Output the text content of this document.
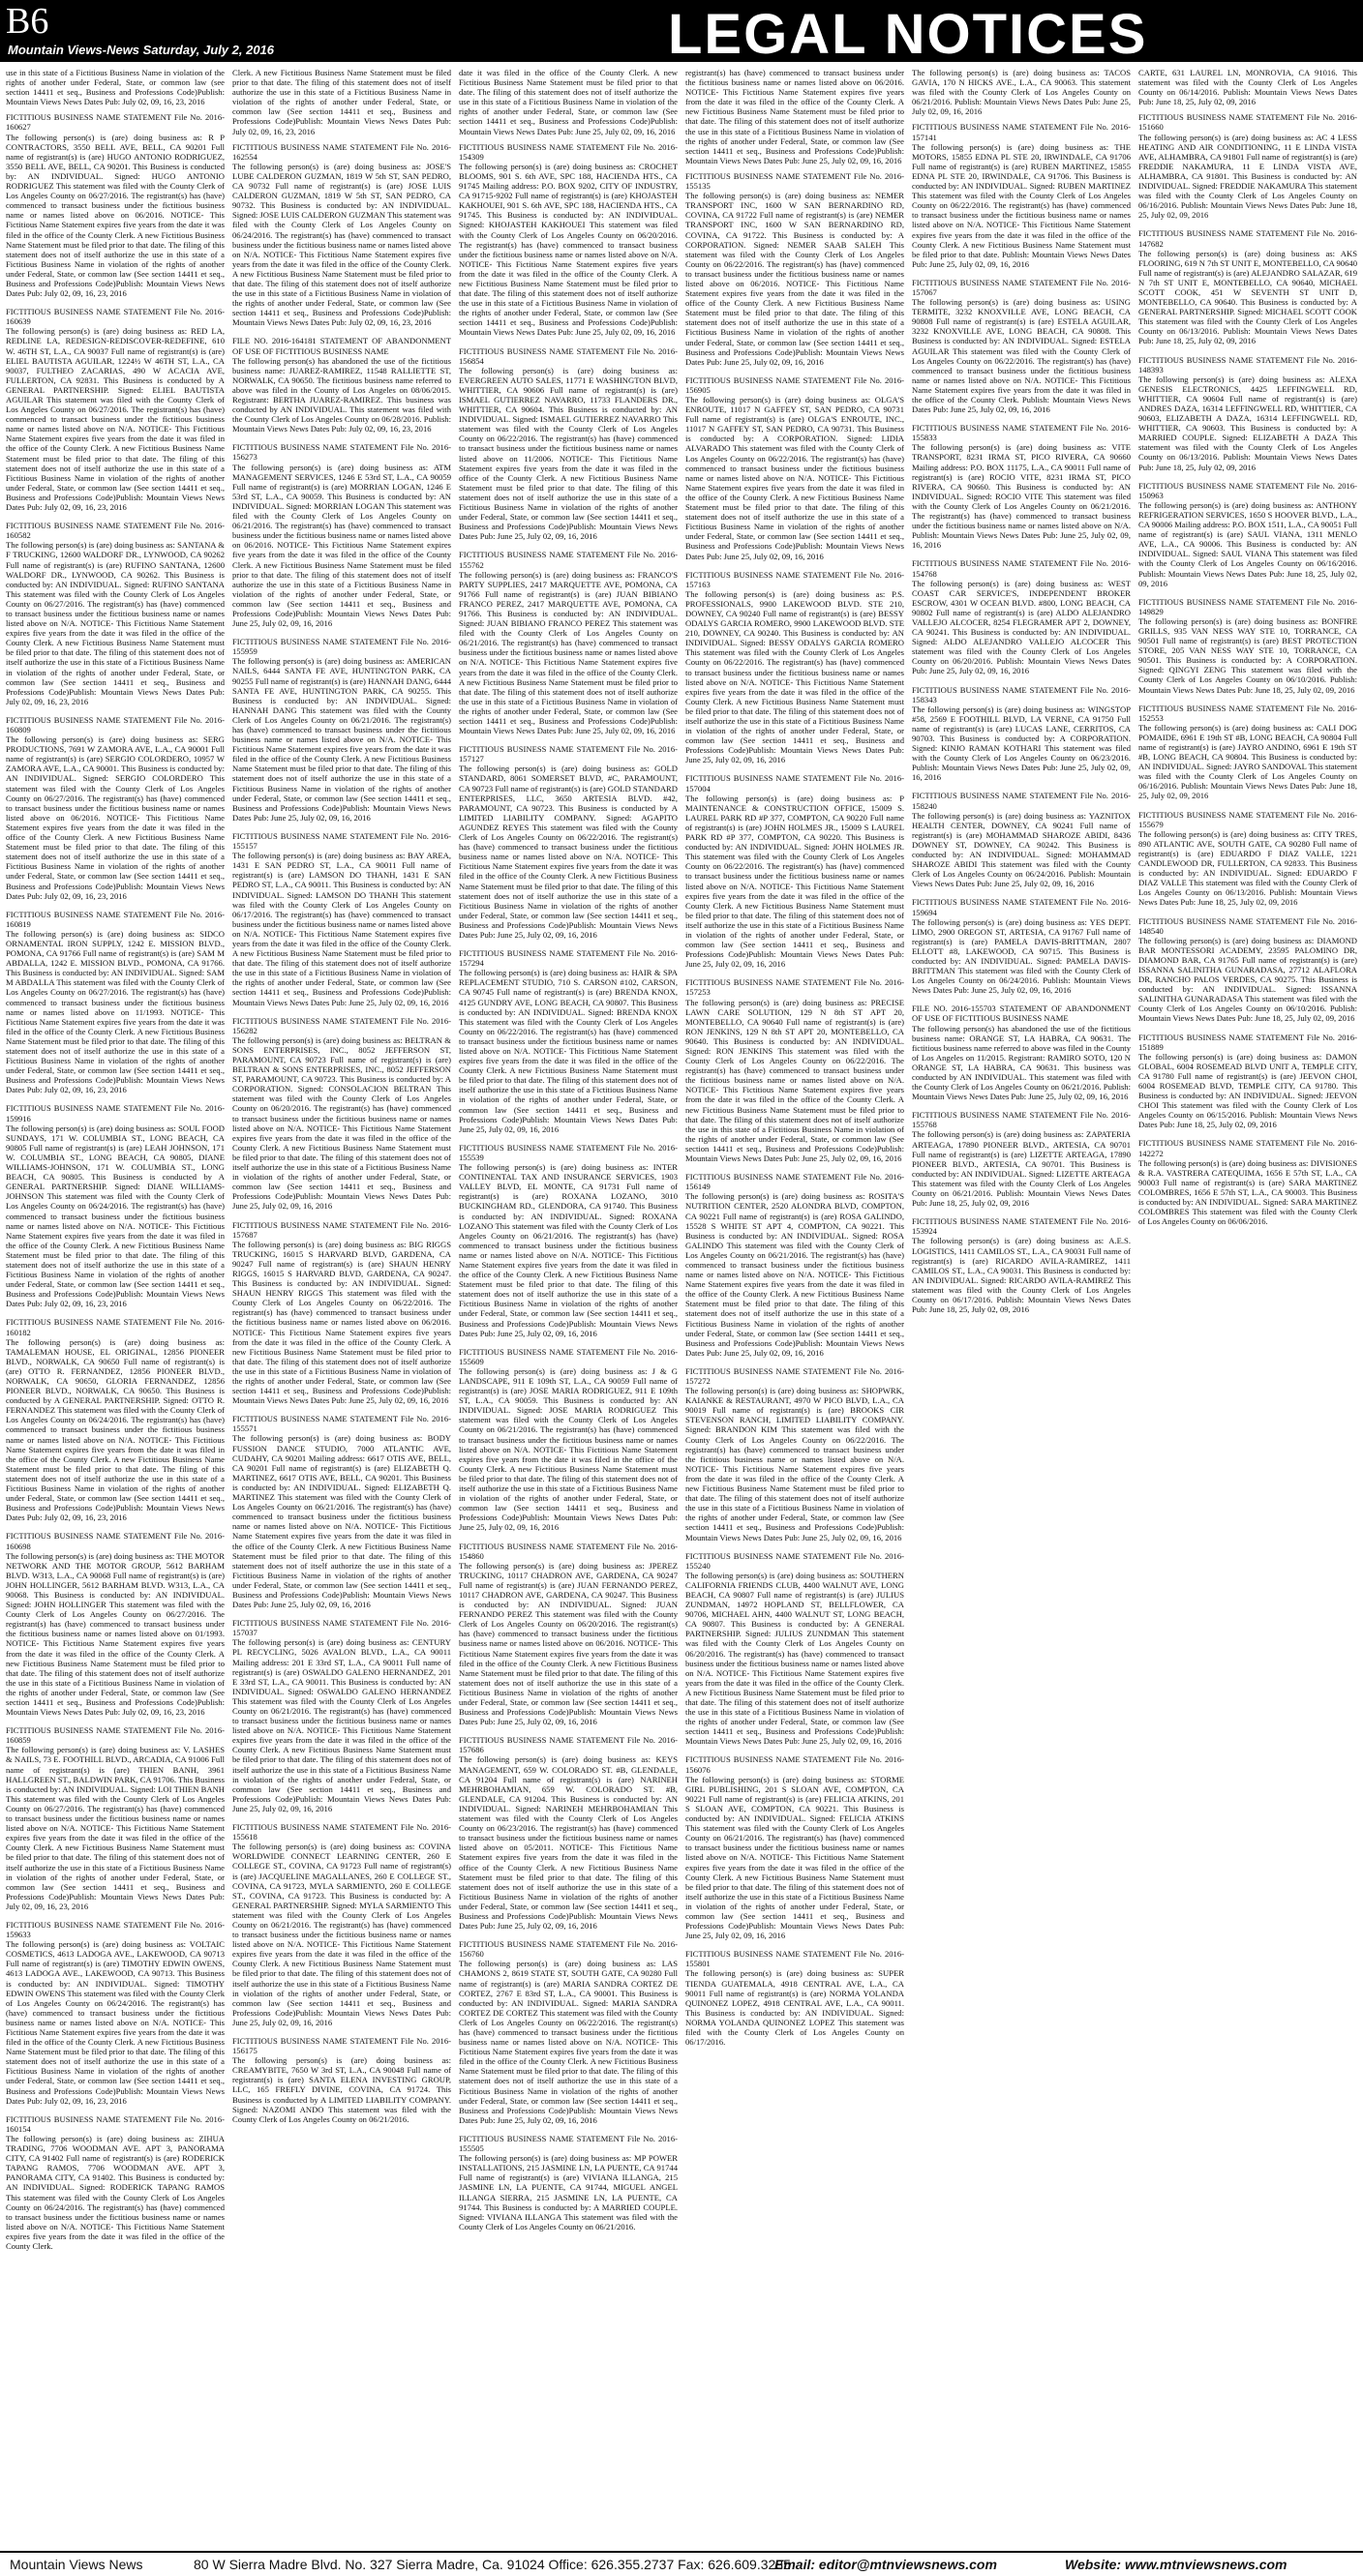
B6
Mountain Views-News Saturday, July 2, 2016	LEGAL NOTICES
use in this state of a Fictitious Business Name in violation of the rights of another under Federal, State, or common law (see section 14411 et seq., Business and Professions Code)Publish: Mountain Views News Dates Pub: July 02, 09, 16, 23, 2016
FICTITIOUS BUSINESS NAME STATEMENT File No. 2016-160627
The following person(s) is (are) doing business as: R P CONTRACTORS, 3550 BELL AVE, BELL, CA 90201 Full name of registrant(s) is (are) HUGO ANTONIO RODRIGUEZ, 3550 BELL AVE, BELL, CA 90201. This Business is conducted by: AN INDIVIDUAL. Signed: HUGO ANTONIO RODRIGUEZ This statement was filed with the County Clerk of Los Angeles County on 06/27/2016. The registrant(s) has (have) commenced to transact business under the fictitious business name or names listed above on 06/2016. NOTICE- This Fictitious Name Statement expires five years from the date it was filed in the office of the County Clerk. A new Fictitious Business Name Statement must be filed prior to that date. The filing of this statement does not of itself authorize the use in this state of a Fictitious Business Name in violation of the rights of another under Federal, State, or common law (See section 14411 et seq., Business and Professions Code)Publish: Mountain Views News Dates Pub: July 02, 09, 16, 23, 2016
FICTITIOUS BUSINESS NAME STATEMENT File No. 2016-160639
The following person(s) is (are) doing business as: RED LA, REDLINE LA, REDESIGN-REDISCOVER-REDEFINE, 610 W. 46TH ST, L.A., CA 90037 Full name of registrant(s) is (are) ELIEL BAUTISTA AGUILAR, 1224½ W 46TH ST, L.A., CA 90037, FULTHEO ZACARIAS, 490 W ACACIA AVE, FULLERTON, CA 92831. This Business is conducted by A GENERAL PARTNERSHIP. Signed: ELIEL BAUTISTA AGUILAR This statement was filed with the County Clerk of Los Angeles County on 06/27/2016. The registrant(s) has (have) commenced to transact business under the fictitious business name or names listed above on N/A. NOTICE- This Fictitious Name Statement expires five years from the date it was filed in the office of the County Clerk. A new Fictitious Business Name Statement must be filed prior to that date. The filing of this statement does not of itself authorize the use in this state of a Fictitious Business Name in violation of the rights of another under Federal, State, or common law (See section 14411 et seq., Business and Professions Code)Publish: Mountain Views News Dates Pub: July 02, 09, 16, 23, 2016
FICTITIOUS BUSINESS NAME STATEMENT File No. 2016-160582
The following person(s) is (are) doing business as: SANTANA & F TRUCKING, 12600 WALDORF DR., LYNWOOD, CA 90262 Full name of registrant(s) is (are) RUFINO SANTANA, 12600 WALDORF DR., LYNWOOD, CA 90262. This Business is conducted by: AN INDIVIDUAL. Signed: RUFINO SANTANA This statement was filed with the County Clerk of Los Angeles County on 06/27/2016. The registrant(s) has (have) commenced to transact business under the fictitious business name or names listed above on N/A. NOTICE- This Fictitious Name Statement expires five years from the date it was filed in the office of the County Clerk. A new Fictitious Business Name Statement must be filed prior to that date. The filing of this statement does not of itself authorize the use in this state of a Fictitious Business Name in violation of the rights of another under Federal, State, or common law (See section 14411 et seq., Business and Professions Code)Publish: Mountain Views News Dates Pub: July 02, 09, 16, 23, 2016
FICTITIOUS BUSINESS NAME STATEMENT File No. 2016-160809
The following person(s) is (are) doing business as: SERG PRODUCTIONS, 7691 W ZAMORA AVE, L.A., CA 90001 Full name of registrant(s) is (are) SERGIO COLORDERO, 10957 W ZAMORA AVE, L.A., CA 90001. This Business is conducted by: AN INDIVIDUAL. Signed: SERGIO COLORDERO This statement was filed with the County Clerk of Los Angeles County on 06/27/2016. The registrant(s) has (have) commenced to transact business under the fictitious business name or names listed above on 06/2016. NOTICE- This Fictitious Name Statement expires five years from the date it was filed in the office of the County Clerk. A new Fictitious Business Name Statement must be filed prior to that date. The filing of this statement does not of itself authorize the use in this state of a Fictitious Business Name in violation of the rights of another under Federal, State, or common law (See section 14411 et seq., Business and Professions Code)Publish: Mountain Views News Dates Pub: July 02, 09, 16, 23, 2016
FICTITIOUS BUSINESS NAME STATEMENT File No. 2016-160819
The following person(s) is (are) doing business as: SIDCO ORNAMENTAL IRON SUPPLY, 1242 E. MISSION BLVD., POMONA, CA 91766 Full name of registrant(s) is (are) SAM M ABDALLA, 1242 E. MISSION BLVD., POMONA, CA 91766. This Business is conducted by: AN INDIVIDUAL. Signed: SAM M ABDALLA This statement was filed with the County Clerk of Los Angeles County on 06/27/2016. The registrant(s) has (have) commenced to transact business under the fictitious business name or names listed above on 11/1993. NOTICE- This Fictitious Name Statement expires five years from the date it was filed in the office of the County Clerk. A new Fictitious Business Name Statement must be filed prior to that date. The filing of this statement does not of itself authorize the use in this state of a Fictitious Business Name in violation of the rights of another under Federal, State, or common law (See section 14411 et seq., Business and Professions Code)Publish: Mountain Views News Dates Pub: July 02, 09, 16, 23, 2016
FICTITIOUS BUSINESS NAME STATEMENT File No. 2016-159916
The following person(s) is (are) doing business as: SOUL FOOD SUNDAYS, 171 W. COLUMBIA ST., LONG BEACH, CA 90805 Full name of registrant(s) is (are) LEAH JOHNSON, 171 W. COLUMBIA ST., LONG BEACH, CA 90805, DIANE WILLIAMS-JOHNSON, 171 W. COLUMBIA ST., LONG BEACH, CA 90805. This Business is conducted by A GENERAL PARTNERSHIP. Signed: DIANE WILLIAMS-JOHNSON This statement was filed with the County Clerk of Los Angeles County on 06/24/2016. The registrant(s) has (have) commenced to transact business under the fictitious business name or names listed above on N/A. NOTICE- This Fictitious Name Statement expires five years from the date it was filed in the office of the County Clerk. A new Fictitious Business Name Statement must be filed prior to that date. The filing of this statement does not of itself authorize the use in this state of a Fictitious Business Name in violation of the rights of another under Federal, State, or common law (See section 14411 et seq., Business and Professions Code)Publish: Mountain Views News Dates Pub: July 02, 09, 16, 23, 2016
FICTITIOUS BUSINESS NAME STATEMENT File No. 2016-160182
The following person(s) is (are) doing business as: TAMALEMAN HOUSE, EL ORIGINAL, 12856 PIONEER BLVD., NORWALK, CA 90650 Full name of registrant(s) is (are) OTTO R. FERNANDEZ, 12856 PIONEER BLVD., NORWALK, CA 90650, GLORIA FERNANDEZ, 12856 PIONEER BLVD., NORWALK, CA 90650. This Business is conducted by A GENERAL PARTNERSHIP. Signed: OTTO R. FERNANDEZ This statement was filed with the County Clerk of Los Angeles County on 06/24/2016. The registrant(s) has (have) commenced to transact business under the fictitious business name or names listed above on N/A. NOTICE- This Fictitious Name Statement expires five years from the date it was filed in the office of the County Clerk. A new Fictitious Business Name Statement must be filed prior to that date. The filing of this statement does not of itself authorize the use in this state of a Fictitious Business Name in violation of the rights of another under Federal, State, or common law (See section 14411 et seq., Business and Professions Code)Publish: Mountain Views News Dates Pub: July 02, 09, 16, 23, 2016
FICTITIOUS BUSINESS NAME STATEMENT File No. 2016-160698
The following person(s) is (are) doing business as: THE MOTOR NETWORK AND THE MOTOR GROUP, 5612 BARHAM BLVD. W313, L.A., CA 90068 Full name of registrant(s) is (are) JOHN HOLLINGER, 5612 BARHAM BLVD. W313, L.A., CA 90068. This Business is conducted by: AN INDIVIDUAL. Signed: JOHN HOLLINGER This statement was filed with the County Clerk of Los Angeles County on 06/27/2016. The registrant(s) has (have) commenced to transact business under the fictitious business name or names listed above on 01/1993. NOTICE- This Fictitious Name Statement expires five years from the date it was filed in the office of the County Clerk. A new Fictitious Business Name Statement must be filed prior to that date. The filing of this statement does not of itself authorize the use in this state of a Fictitious Business Name in violation of the rights of another under Federal, State, or common law (See section 14411 et seq., Business and Professions Code)Publish: Mountain Views News Dates Pub: July 02, 09, 16, 23, 2016
FICTITIOUS BUSINESS NAME STATEMENT File No. 2016-160859
The following person(s) is (are) doing business as: V. LASHES & NAILS, 73 E. FOOTHILL BLVD., ARCADIA, CA 91006 Full name of registrant(s) is (are) THIEN BANH, 3961 HALLGREEN ST., BALDWIN PARK, CA 91706. This Business is conducted by: AN INDIVIDUAL. Signed: LOI THIEN BANH This statement was filed with the County Clerk of Los Angeles County on 06/27/2016. The registrant(s) has (have) commenced to transact business under the fictitious business name or names listed above on N/A. NOTICE- This Fictitious Name Statement expires five years from the date it was filed in the office of the County Clerk. A new Fictitious Business Name Statement must be filed prior to that date. The filing of this statement does not of itself authorize the use in this state of a Fictitious Business Name in violation of the rights of another under Federal, State, or common law (See section 14411 et seq., Business and Professions Code)Publish: Mountain Views News Dates Pub: July 02, 09, 16, 23, 2016
FICTITIOUS BUSINESS NAME STATEMENT File No. 2016-159633
The following person(s) is (are) doing business as: VOLTAIC COSMETICS, 4613 LADOGA AVE., LAKEWOOD, CA 90713 Full name of registrant(s) is (are) TIMOTHY EDWIN OWENS, 4613 LADOGA AVE., LAKEWOOD, CA 90713. This Business is conducted by: AN INDIVIDUAL. Signed: TIMOTHY EDWIN OWENS This statement was filed with the County Clerk of Los Angeles County on 06/24/2016. The registrant(s) has (have) commenced to transact business under the fictitious business name or names listed above on N/A. NOTICE- This Fictitious Name Statement expires five years from the date it was filed in the office of the County Clerk. A new Fictitious Business Name Statement must be filed prior to that date. The filing of this statement does not of itself authorize the use in this state of a Fictitious Business Name in violation of the rights of another under Federal, State, or common law (See section 14411 et seq., Business and Professions Code)Publish: Mountain Views News Dates Pub: July 02, 09, 16, 23, 2016
FICTITIOUS BUSINESS NAME STATEMENT File No. 2016-160154
The following person(s) is (are) doing business as: ZIHUA TRADING, 7706 WOODMAN AVE. APT 3, PANORAMA CITY, CA 91402 Full name of registrant(s) is (are) RODERICK TAPANG RAMOS, 7706 WOODMAN AVE. APT 3, PANORAMA CITY, CA 91402. This Business is conducted by: AN INDIVIDUAL. Signed: RODERICK TAPANG RAMOS This statement was filed with the County Clerk of Los Angeles County on 06/24/2016. The registrant(s) has (have) commenced to transact business under the fictitious business name or names listed above on N/A. NOTICE- This Fictitious Name Statement expires five years from the date it was filed in the office of the County Clerk.
Clerk. A new Fictitious Business Name Statement must be filed prior to that date. The filing of this statement does not of itself authorize the use in this state of a Fictitious Business Name in violation of the rights of another under Federal, State, or common law (See section 14411 et seq., Business and Professions Code)Publish: Mountain Views News Dates Pub: July 02, 09, 16, 23, 2016
FICTITIOUS BUSINESS NAME STATEMENT File No. 2016-162554
The following person(s) is (are) doing business as: JOSE'S LUBE CALDERON GUZMAN, 1819 W 5th ST, SAN PEDRO, CA 90732 Full name of registrant(s) is (are) JOSE LUIS CALDERON GUZMAN, 1819 W 5th ST, SAN PEDRO, CA 90732. This Business is conducted by: AN INDIVIDUAL. Signed: JOSE LUIS CALDERON GUZMAN This statement was filed with the County Clerk of Los Angeles County on 06/24/2016. The registrant(s) has (have) commenced to transact business under the fictitious business name or names listed above on N/A. NOTICE- This Fictitious Name Statement expires five years from the date it was filed in the office of the County Clerk. A new Fictitious Business Name Statement must be filed prior to that date. The filing of this statement does not of itself authorize the use in this state of a Fictitious Business Name in violation of the rights of another under Federal, State, or common law (See section 14411 et seq., Business and Professions Code)Publish: Mountain Views News Dates Pub: July 02, 09, 16, 23, 2016
FILE NO. 2016-164181 STATEMENT OF ABANDONMENT OF USE OF FICTITIOUS BUSINESS NAME
The following person(s) has abandoned the use of the fictitious business name: JUAREZ-RAMIREZ, 11548 RALLIETTE ST, NORWALK, CA 90650. The fictitious business name referred to above was filed in the County of Los Angeles on 08/06/2015. Registrant: BERTHA JUAREZ-RAMIREZ. This business was conducted by AN INDIVIDUAL. This statement was filed with the County Clerk of Los Angeles County on 06/28/2016. Publish: Mountain Views News Dates Pub: July 02, 09, 16, 23, 2016
FICTITIOUS BUSINESS NAME STATEMENT File No. 2016-156273
The following person(s) is (are) doing business as: ATM MANAGEMENT SERVICES, 1246 E 53rd ST, L.A., CA 90059 Full name of registrant(s) is (are) MORRIAN LOGAN, 1246 E 53rd ST, L.A., CA 90059. This Business is conducted by: AN INDIVIDUAL. Signed: MORRIAN LOGAN This statement was filed with the County Clerk of Los Angeles County on 06/21/2016. The registrant(s) has (have) commenced to transact business under the fictitious business name or names listed above on 06/2016. NOTICE- This Fictitious Name Statement expires five years from the date it was filed in the office of the County Clerk. A new Fictitious Business Name Statement must be filed prior to that date. The filing of this statement does not of itself authorize the use in this state of a Fictitious Business Name in violation of the rights of another under Federal, State, or common law (See section 14411 et seq., Business and Professions Code)Publish: Mountain Views News Dates Pub: June 25, July 02, 09, 16, 2016
FICTITIOUS BUSINESS NAME STATEMENT File No. 2016-155959
The following person(s) is (are) doing business as: AMERICAN NAILS, 6444 SANTA FE AVE, HUNTINGTON PARK, CA 90255 Full name of registrant(s) is (are) HANNAH DANG, 6444 SANTA FE AVE, HUNTINGTON PARK, CA 90255. This Business is conducted by: AN INDIVIDUAL. Signed: HANNAH DANG This statement was filed with the County Clerk of Los Angeles County on 06/21/2016. The registrant(s) has (have) commenced to transact business under the fictitious business name or names listed above on N/A. NOTICE- This Fictitious Name Statement expires five years from the date it was filed in the office of the County Clerk. A new Fictitious Business Name Statement must be filed prior to that date. The filing of this statement does not of itself authorize the use in this state of a Fictitious Business Name in violation of the rights of another under Federal, State, or common law (See section 14411 et seq., Business and Professions Code)Publish: Mountain Views News Dates Pub: June 25, July 02, 09, 16, 2016
FICTITIOUS BUSINESS NAME STATEMENT File No. 2016-155157
The following person(s) is (are) doing business as: BAY AREA, 1431 E SAN PEDRO ST, L.A., CA 90011 Full name of registrant(s) is (are) LAMSON DO THANH, 1431 E SAN PEDRO ST, L.A., CA 90011. This Business is conducted by: AN INDIVIDUAL. Signed: LAMSON DO THANH This statement was filed with the County Clerk of Los Angeles County on 06/17/2016. The registrant(s) has (have) commenced to transact business under the fictitious business name or names listed above on N/A. NOTICE- This Fictitious Name Statement expires five years from the date it was filed in the office of the County Clerk. A new Fictitious Business Name Statement must be filed prior to that date. The filing of this statement does not of itself authorize the use in this state of a Fictitious Business Name in violation of the rights of another under Federal, State, or common law (See section 14411 et seq., Business and Professions Code)Publish: Mountain Views News Dates Pub: June 25, July 02, 09, 16, 2016
FICTITIOUS BUSINESS NAME STATEMENT File No. 2016-156282
The following person(s) is (are) doing business as: BELTRAN & SONS ENTERPRISES, INC., 8052 JEFFERSON ST, PARAMOUNT, CA 90723 Full name of registrant(s) is (are) BELTRAN & SONS ENTERPRISES, INC., 8052 JEFFERSON ST, PARAMOUNT, CA 90723. This Business is conducted by: A CORPORATION. Signed: CONSOLACION BELTRAN This statement was filed with the County Clerk of Los Angeles County on 06/20/2016. The registrant(s) has (have) commenced to transact business under the fictitious business name or names listed above on N/A. NOTICE- This Fictitious Name Statement expires five years from the date it was filed in the office of the County Clerk. A new Fictitious Business Name Statement must be filed prior to that date. The filing of this statement does not of itself authorize the use in this state of a Fictitious Business Name in violation of the rights of another under Federal, State, or common law (See section 14411 et seq., Business and Professions Code)Publish: Mountain Views News Dates Pub: June 25, July 02, 09, 16, 2016
FICTITIOUS BUSINESS NAME STATEMENT File No. 2016-157687
The following person(s) is (are) doing business as: BIG RIGGS TRUCKING, 16015 S HARVARD BLVD, GARDENA, CA 90247 Full name of registrant(s) is (are) SHAUN HENRY RIGGS, 16015 S HARVARD BLVD, GARDENA, CA 90247. This Business is conducted by: AN INDIVIDUAL. Signed: SHAUN HENRY RIGGS This statement was filed with the County Clerk of Los Angeles County on 06/22/2016. The registrant(s) has (have) commenced to transact business under the fictitious business name or names listed above on 06/2016. NOTICE- This Fictitious Name Statement expires five years from the date it was filed in the office of the County Clerk. A new Fictitious Business Name Statement must be filed prior to that date. The filing of this statement does not of itself authorize the use in this state of a Fictitious Business Name in violation of the rights of another under Federal, State, or common law (See section 14411 et seq., Business and Professions Code)Publish: Mountain Views News Dates Pub: June 25, July 02, 09, 16, 2016
FICTITIOUS BUSINESS NAME STATEMENT File No. 2016-155571
The following person(s) is (are) doing business as: BODY FUSSION DANCE STUDIO, 7000 ATLANTIC AVE, CUDAHY, CA 90201 Mailing address: 6617 OTIS AVE, BELL, CA 90201 Full name of registrant(s) is (are) ELIZABETH Q. MARTINEZ, 6617 OTIS AVE, BELL, CA 90201. This Business is conducted by: AN INDIVIDUAL. Signed: ELIZABETH Q. MARTINEZ This statement was filed with the County Clerk of Los Angeles County on 06/21/2016. The registrant(s) has (have) commenced to transact business under the fictitious business name or names listed above on N/A. NOTICE- This Fictitious Name Statement expires five years from the date it was filed in the office of the County Clerk. A new Fictitious Business Name Statement must be filed prior to that date. The filing of this statement does not of itself authorize the use in this state of a Fictitious Business Name in violation of the rights of another under Federal, State, or common law (See section 14411 et seq., Business and Professions Code)Publish: Mountain Views News Dates Pub: June 25, July 02, 09, 16, 2016
FICTITIOUS BUSINESS NAME STATEMENT File No. 2016-157037
The following person(s) is (are) doing business as: CENTURY PL RECYCLING, 5026 AVALON BLVD., L.A., CA 90011 Mailing address: 201 E 33rd ST, L.A., CA 90011 Full name of registrant(s) is (are) OSWALDO GALENO HERNANDEZ, 201 E 33rd ST, L.A., CA 90011. This Business is conducted by: AN INDIVIDUAL. Signed: OSWALDO GALENO HERNANDEZ This statement was filed with the County Clerk of Los Angeles County on 06/21/2016. The registrant(s) has (have) commenced to transact business under the fictitious business name or names listed above on N/A. NOTICE- This Fictitious Name Statement expires five years from the date it was filed in the office of the County Clerk. A new Fictitious Business Name Statement must be filed prior to that date. The filing of this statement does not of itself authorize the use in this state of a Fictitious Business Name in violation of the rights of another under Federal, State, or common law (See section 14411 et seq., Business and Professions Code)Publish: Mountain Views News Dates Pub: June 25, July 02, 09, 16, 2016
FICTITIOUS BUSINESS NAME STATEMENT File No. 2016-155618
The following person(s) is (are) doing business as: COVINA WORLDWIDE CONNECT LEARNING CENTER, 260 E COLLEGE ST., COVINA, CA 91723 Full name of registrant(s) is (are) JACQUELINE MAGALLANES, 260 E COLLEGE ST., COVINA, CA 91723, MYLA SARMIENTO, 260 E COLLEGE ST., COVINA, CA 91723. This Business is conducted by: A GENERAL PARTNERSHIP. Signed: MYLA SARMIENTO This statement was filed with the County Clerk of Los Angeles County on 06/21/2016. The registrant(s) has (have) commenced to transact business under the fictitious business name or names listed above on N/A. NOTICE- This Fictitious Name Statement expires five years from the date it was filed in the office of the County Clerk. A new Fictitious Business Name Statement must be filed prior to that date. The filing of this statement does not of itself authorize the use in this state of a Fictitious Business Name in violation of the rights of another under Federal, State, or common law (See section 14411 et seq., Business and Professions Code)Publish: Mountain Views News Dates Pub: June 25, July 02, 09, 16, 2016
FICTITIOUS BUSINESS NAME STATEMENT File No. 2016-156175
The following person(s) is (are) doing business as: CREAMYBITE, 7650 W 3rd ST, L.A., CA 90048 Full name of registrant(s) is (are) SANTA ELENA INVESTING GROUP, LLC, 165 FREFLY DIVINE, COVINA, CA 91724. This Business is conducted by A LIMITED LIABILITY COMPANY. Signed: NAZOMI ANDO This statement was filed with the County Clerk of Los Angeles County on 06/21/2016.
date it was filed in the office of the County Clerk. A new Fictitious Business Name Statement must be filed prior to that date. The filing of this statement does not of itself authorize the use in this state of a Fictitious Business Name in violation of the rights of another under Federal, State, or common law (See section 14411 et seq., Business and Professions Code)Publish: Mountain Views News Dates Pub: June 25, July 02, 09, 16, 2016
FICTITIOUS BUSINESS NAME STATEMENT File No. 2016-154309
The following person(s) is (are) doing business as: CROCHET BLOOMS, 901 S. 6th AVE, SPC 188, HACIENDA HTS., CA 91745 Mailing address: P.O. BOX 9202, CITY OF INDUSTRY, CA 91715-9202 Full name of registrant(s) is (are) KHOJASTEH KAKHOUEI, 901 S. 6th AVE, SPC 188, HACIENDA HTS., CA 91745. This Business is conducted by: AN INDIVIDUAL. Signed: KHOJASTEH KAKHOUEI This statement was filed with the County Clerk of Los Angeles County on 06/20/2016. The registrant(s) has (have) commenced to transact business under the fictitious business name or names listed above on N/A. NOTICE- This Fictitious Name Statement expires five years from the date it was filed in the office of the County Clerk. A new Fictitious Business Name Statement must be filed prior to that date. The filing of this statement does not of itself authorize the use in this state of a Fictitious Business Name in violation of the rights of another under Federal, State, or common law (See section 14411 et seq., Business and Professions Code)Publish: Mountain Views News Dates Pub: June 25, July 02, 09, 16, 2016
FICTITIOUS BUSINESS NAME STATEMENT File No. 2016-156854
The following person(s) is (are) doing business as: EVERGREEN AUTO SALES, 11771 E WASHINGTON BLVD, WHITTIER, CA 90606 Full name of registrant(s) is (are) ISMAEL GUTIERREZ NAVARRO, 11733 FLANDERS DR., WHITTIER, CA 90604. This Business is conducted by: AN INDIVIDUAL. Signed: ISMAEL GUTIERREZ NAVARRO This statement was filed with the County Clerk of Los Angeles County on 06/22/2016. The registrant(s) has (have) commenced to transact business under the fictitious business name or names listed above on 11/2006. NOTICE- This Fictitious Name Statement expires five years from the date it was filed in the office of the County Clerk. A new Fictitious Business Name Statement must be filed prior to that date. The filing of this statement does not of itself authorize the use in this state of a Fictitious Business Name in violation of the rights of another under Federal, State, or common law (See section 14411 et seq., Business and Professions Code)Publish: Mountain Views News Dates Pub: June 25, July 02, 09, 16, 2016
FICTITIOUS BUSINESS NAME STATEMENT File No. 2016-155762
The following person(s) is (are) doing business as: FRANCO'S PARTY SUPPLIES, 2417 MARQUETTE AVE, POMONA, CA 91766 Full name of registrant(s) is (are) JUAN BIBIANO FRANCO PEREZ, 2417 MARQUETTE AVE, POMONA, CA 91766. This Business is conducted by: AN INDIVIDUAL. Signed: JUAN BIBIANO FRANCO PEREZ This statement was filed with the County Clerk of Los Angeles County on 06/21/2016. The registrant(s) has (have) commenced to transact business under the fictitious business name or names listed above on N/A. NOTICE- This Fictitious Name Statement expires five years from the date it was filed in the office of the County Clerk. A new Fictitious Business Name Statement must be filed prior to that date. The filing of this statement does not of itself authorize the use in this state of a Fictitious Business Name in violation of the rights of another under Federal, State, or common law (See section 14411 et seq., Business and Professions Code)Publish: Mountain Views News Dates Pub: June 25, July 02, 09, 16, 2016
FICTITIOUS BUSINESS NAME STATEMENT File No. 2016-157127
The following person(s) is (are) doing business as: GOLD STANDARD, 8061 SOMERSET BLVD, #C, PARAMOUNT, CA 90723 Full name of registrant(s) is (are) GOLD STANDARD ENTERPRISES, LLC, 3650 ARTESIA BLVD. #42, PARAMOUNT, CA 90723. This Business is conducted by A LIMITED LIABILITY COMPANY. Signed: AGAPITO AGUNDEZ REYES This statement was filed with the County Clerk of Los Angeles County on 06/22/2016. The registrant(s) has (have) commenced to transact business under the fictitious business name or names listed above on N/A. NOTICE- This Fictitious Name Statement expires five years from the date it was filed in the office of the County Clerk. A new Fictitious Business Name Statement must be filed prior to that date. The filing of this statement does not of itself authorize the use in this state of a Fictitious Business Name in violation of the rights of another under Federal, State, or common law (See section 14411 et seq., Business and Professions Code)Publish: Mountain Views News Dates Pub: June 25, July 02, 09, 16, 2016
FICTITIOUS BUSINESS NAME STATEMENT File No. 2016-157294
The following person(s) is (are) doing business as: HAIR & SPA REPLACEMENT STUDIO, 710 S. CARSON #102, CARSON, CA 90745 Full name of registrant(s) is (are) BRENDA KNOX, 4125 GUNDRY AVE, LONG BEACH, CA 90807. This Business is conducted by: AN INDIVIDUAL. Signed: BRENDA KNOX This statement was filed with the County Clerk of Los Angeles County on 06/22/2016. The registrant(s) has (have) commenced to transact business under the fictitious business name or names listed above on N/A. NOTICE- This Fictitious Name Statement expires five years from the date it was filed in the office of the County Clerk. A new Fictitious Business Name Statement must be filed prior to that date. The filing of this statement does not of itself authorize the use in this state of a Fictitious Business Name in violation of the rights of another under Federal, State, or common law (See section 14411 et seq., Business and Professions Code)Publish: Mountain Views News Dates Pub: June 25, July 02, 09, 16, 2016
FICTITIOUS BUSINESS NAME STATEMENT File No. 2016-155539
The following person(s) is (are) doing business as: INTER CONTINENTAL TAX AND INSURANCE SERVICES, 1903 VALLEY BLVD, EL MONTE, CA 91731 Full name of registrant(s) is (are) ROXANA LOZANO, 3010 BUCKINGHAM RD., GLENDORA, CA 91740. This Business is conducted by: AN INDIVIDUAL. Signed: ROXANA LOZANO This statement was filed with the County Clerk of Los Angeles County on 06/21/2016. The registrant(s) has (have) commenced to transact business under the fictitious business name or names listed above on N/A. NOTICE- This Fictitious Name Statement expires five years from the date it was filed in the office of the County Clerk. A new Fictitious Business Name Statement must be filed prior to that date. The filing of this statement does not of itself authorize the use in this state of a Fictitious Business Name in violation of the rights of another under Federal, State, or common law (See section 14411 et seq., Business and Professions Code)Publish: Mountain Views News Dates Pub: June 25, July 02, 09, 16, 2016
FICTITIOUS BUSINESS NAME STATEMENT File No. 2016-155609
The following person(s) is (are) doing business as: J & G LANDSCAPE, 911 E 109th ST, L.A., CA 90059 Full name of registrant(s) is (are) JOSE MARIA RODRIGUEZ, 911 E 109th ST, L.A., CA 90059. This Business is conducted by: AN INDIVIDUAL. Signed: JOSE MARIA RODRIGUEZ This statement was filed with the County Clerk of Los Angeles County on 06/21/2016. The registrant(s) has (have) commenced to transact business under the fictitious business name or names listed above on N/A. NOTICE- This Fictitious Name Statement expires five years from the date it was filed in the office of the County Clerk. A new Fictitious Business Name Statement must be filed prior to that date. The filing of this statement does not of itself authorize the use in this state of a Fictitious Business Name in violation of the rights of another under Federal, State, or common law (See section 14411 et seq., Business and Professions Code)Publish: Mountain Views News Dates Pub: June 25, July 02, 09, 16, 2016
FICTITIOUS BUSINESS NAME STATEMENT File No. 2016-154860
The following person(s) is (are) doing business as: JPEREZ TRUCKING, 10117 CHADRON AVE, GARDENA, CA 90247 Full name of registrant(s) is (are) JUAN FERNANDO PEREZ, 10117 CHADRON AVE, GARDENA, CA 90247. This Business is conducted by: AN INDIVIDUAL. Signed: JUAN FERNANDO PEREZ This statement was filed with the County Clerk of Los Angeles County on 06/20/2016. The registrant(s) has (have) commenced to transact business under the fictitious business name or names listed above on 06/2016. NOTICE- This Fictitious Name Statement expires five years from the date it was filed in the office of the County Clerk. A new Fictitious Business Name Statement must be filed prior to that date. The filing of this statement does not of itself authorize the use in this state of a Fictitious Business Name in violation of the rights of another under Federal, State, or common law (See section 14411 et seq., Business and Professions Code)Publish: Mountain Views News Dates Pub: June 25, July 02, 09, 16, 2016
FICTITIOUS BUSINESS NAME STATEMENT File No. 2016-157686
The following person(s) is (are) doing business as: KEYS MANAGEMENT, 659 W. COLORADO ST. #B, GLENDALE, CA 91204 Full name of registrant(s) is (are) NARINEH MEHRBOHAMIAN, 659 W. COLORADO ST. #B, GLENDALE, CA 91204. This Business is conducted by: AN INDIVIDUAL. Signed: NARINEH MEHRBOHAMIAN This statement was filed with the County Clerk of Los Angeles County on 06/23/2016. The registrant(s) has (have) commenced to transact business under the fictitious business name or names listed above on 05/2011. NOTICE- This Fictitious Name Statement expires five years from the date it was filed in the office of the County Clerk. A new Fictitious Business Name Statement must be filed prior to that date. The filing of this statement does not of itself authorize the use in this state of a Fictitious Business Name in violation of the rights of another under Federal, State, or common law (See section 14411 et seq., Business and Professions Code)Publish: Mountain Views News Dates Pub: June 25, July 02, 09, 16, 2016
FICTITIOUS BUSINESS NAME STATEMENT File No. 2016-156760
The following person(s) is (are) doing business as: LAS CHAMONS 2, 8619 STATE ST, SOUTH GATE, CA 90280 Full name of registrant(s) is (are) MARIA SANDRA CORTEZ DE CORTEZ, 2767 E 83rd ST, L.A., CA 90001. This Business is conducted by: AN INDIVIDUAL. Signed: MARIA SANDRA CORTEZ DE CORTEZ This statement was filed with the County Clerk of Los Angeles County on 06/22/2016. The registrant(s) has (have) commenced to transact business under the fictitious business name or names listed above on N/A. NOTICE- This Fictitious Name Statement expires five years from the date it was filed in the office of the County Clerk. A new Fictitious Business Name Statement must be filed prior to that date. The filing of this statement does not of itself authorize the use in this state of a Fictitious Business Name in violation of the rights of another under Federal, State, or common law (See section 14411 et seq., Business and Professions Code)Publish: Mountain Views News Dates Pub: June 25, July 02, 09, 16, 2016
FICTITIOUS BUSINESS NAME STATEMENT File No. 2016-155505
The following person(s) is (are) doing business as: MP POWER INSTALLATIONS, 215 JASMINE LN, LA PUENTE, CA 91744 Full name of registrant(s) is (are) VIVIANA ILLANGA, 215 JASMINE LN, LA PUENTE, CA 91744, MIGUEL ANGEL ILLANGA SIERRA, 215 JASMINE LN, LA PUENTE, CA 91744. This Business is conducted by: A MARRIED COUPLE. Signed: VIVIANA ILLANGA This statement was filed with the County Clerk of Los Angeles County on 06/21/2016.
registrant(s) has (have) commenced to transact business under the fictitious business name or names listed above on 06/2016. NOTICE- This Fictitious Name Statement expires five years from the date it was filed in the office of the County Clerk. A new Fictitious Business Name Statement must be filed prior to that date. The filing of this statement does not of itself authorize the use in this state of a Fictitious Business Name in violation of the rights of another under Federal, State, or common law (See section 14411 et seq., Business and Professions Code)Publish: Mountain Views News Dates Pub: June 25, July 02, 09, 16, 2016
FICTITIOUS BUSINESS NAME STATEMENT File No. 2016-155135
The following person(s) is (are) doing business as: NEMER TRANSPORT INC, 1600 W SAN BERNARDINO RD, COVINA, CA 91722 Full name of registrant(s) is (are) NEMER TRANSPORT INC, 1600 W SAN BERNARDINO RD, COVINA, CA 91722. This Business is conducted by: A CORPORATION. Signed: NEMER SAAB SALEH This statement was filed with the County Clerk of Los Angeles County on 06/22/2016. The registrant(s) has (have) commenced to transact business under the fictitious business name or names listed above on 06/2016. NOTICE- This Fictitious Name Statement expires five years from the date it was filed in the office of the County Clerk. A new Fictitious Business Name Statement must be filed prior to that date. The filing of this statement does not of itself authorize the use in this state of a Fictitious Business Name in violation of the rights of another under Federal, State, or common law (See section 14411 et seq., Business and Professions Code)Publish: Mountain Views News Dates Pub: June 25, July 02, 09, 16, 2016
FICTITIOUS BUSINESS NAME STATEMENT File No. 2016-156905
The following person(s) is (are) doing business as: OLGA'S ENROUTE, 11017 N GAFFEY ST, SAN PEDRO, CA 90731 Full name of registrant(s) is (are) OLGA'S ENROUTE, INC., 11017 N GAFFEY ST, SAN PEDRO, CA 90731. This Business is conducted by: A CORPORATION. Signed: LIDIA ALVARADO This statement was filed with the County Clerk of Los Angeles County on 06/22/2016. The registrant(s) has (have) commenced to transact business under the fictitious business name or names listed above on N/A. NOTICE- This Fictitious Name Statement expires five years from the date it was filed in the office of the County Clerk. A new Fictitious Business Name Statement must be filed prior to that date. The filing of this statement does not of itself authorize the use in this state of a Fictitious Business Name in violation of the rights of another under Federal, State, or common law (See section 14411 et seq., Business and Professions Code)Publish: Mountain Views News Dates Pub: June 25, July 02, 09, 16, 2016
FICTITIOUS BUSINESS NAME STATEMENT File No. 2016-157163
The following person(s) is (are) doing business as: P.S. PROFESSIONALS, 9900 LAKEWOOD BLVD. STE 210, DOWNEY, CA 90240 Full name of registrant(s) is (are) BESSY ODALYS GARCIA ROMERO, 9900 LAKEWOOD BLVD. STE 210, DOWNEY, CA 90240. This Business is conducted by: AN INDIVIDUAL. Signed: BESSY ODALYS GARCIA ROMERO This statement was filed with the County Clerk of Los Angeles County on 06/22/2016. The registrant(s) has (have) commenced to transact business under the fictitious business name or names listed above on N/A. NOTICE- This Fictitious Name Statement expires five years from the date it was filed in the office of the County Clerk. A new Fictitious Business Name Statement must be filed prior to that date. The filing of this statement does not of itself authorize the use in this state of a Fictitious Business Name in violation of the rights of another under Federal, State, or common law (See section 14411 et seq., Business and Professions Code)Publish: Mountain Views News Dates Pub: June 25, July 02, 09, 16, 2016
FICTITIOUS BUSINESS NAME STATEMENT File No. 2016-157004
The following person(s) is (are) doing business as: P MAINTENANCE & CONSTRUCTION OFFICE, 15009 S. LAUREL PARK RD #P 377, COMPTON, CA 90220 Full name of registrant(s) is (are) JOHN HOLMES JR., 15009 S LAUREL PARK RD #P 377, COMPTON, CA 90220. This Business is conducted by: AN INDIVIDUAL. Signed: JOHN HOLMES JR. This statement was filed with the County Clerk of Los Angeles County on 06/22/2016. The registrant(s) has (have) commenced to transact business under the fictitious business name or names listed above on N/A. NOTICE- This Fictitious Name Statement expires five years from the date it was filed in the office of the County Clerk. A new Fictitious Business Name Statement must be filed prior to that date. The filing of this statement does not of itself authorize the use in this state of a Fictitious Business Name in violation of the rights of another under Federal, State, or common law (See section 14411 et seq., Business and Professions Code)Publish: Mountain Views News Dates Pub: June 25, July 02, 09, 16, 2016
FICTITIOUS BUSINESS NAME STATEMENT File No. 2016-157253
The following person(s) is (are) doing business as: PRECISE LAWN CARE SOLUTION, 129 N 8th ST APT 20, MONTEBELLO, CA 90640 Full name of registrant(s) is (are) RON JENKINS, 129 N 8th ST APT 20, MONTEBELLO, CA 90640. This Business is conducted by: AN INDIVIDUAL. Signed: RON JENKINS This statement was filed with the County Clerk of Los Angeles County on 06/22/2016. The registrant(s) has (have) commenced to transact business under the fictitious business name or names listed above on N/A. NOTICE- This Fictitious Name Statement expires five years from the date it was filed in the office of the County Clerk. A new Fictitious Business Name Statement must be filed prior to that date. The filing of this statement does not of itself authorize the use in this state of a Fictitious Business Name in violation of the rights of another under Federal, State, or common law (See section 14411 et seq., Business and Professions Code)Publish: Mountain Views News Dates Pub: June 25, July 02, 09, 16, 2016
FICTITIOUS BUSINESS NAME STATEMENT File No. 2016-156149
The following person(s) is (are) doing business as: ROSITA'S NUTRITION CENTER, 2520 ALONDRA BLVD, COMPTON, CA 90221 Full name of registrant(s) is (are) ROSA GALINDO, 15528 S WHITE ST APT 4, COMPTON, CA 90221. This Business is conducted by: AN INDIVIDUAL. Signed: ROSA GALINDO This statement was filed with the County Clerk of Los Angeles County on 06/21/2016. The registrant(s) has (have) commenced to transact business under the fictitious business name or names listed above on N/A. NOTICE- This Fictitious Name Statement expires five years from the date it was filed in the office of the County Clerk. A new Fictitious Business Name Statement must be filed prior to that date. The filing of this statement does not of itself authorize the use in this state of a Fictitious Business Name in violation of the rights of another under Federal, State, or common law (See section 14411 et seq., Business and Professions Code)Publish: Mountain Views News Dates Pub: June 25, July 02, 09, 16, 2016
FICTITIOUS BUSINESS NAME STATEMENT File No. 2016-157272
The following person(s) is (are) doing business as: SHOPWRK, KAIANKE & RESTAURANT, 4970 W PICO BLVD, L.A., CA 90019 Full name of registrant(s) is (are) BROOKS CIR STEVENSON RANCH, LIMITED LIABILITY COMPANY. Signed: BRANDON KIM This statement was filed with the County Clerk of Los Angeles County on 06/22/2016. The registrant(s) has (have) commenced to transact business under the fictitious business name or names listed above on N/A. NOTICE- This Fictitious Name Statement expires five years from the date it was filed in the office of the County Clerk. A new Fictitious Business Name Statement must be filed prior to that date. The filing of this statement does not of itself authorize the use in this state of a Fictitious Business Name in violation of the rights of another under Federal, State, or common law (See section 14411 et seq., Business and Professions Code)Publish: Mountain Views News Dates Pub: June 25, July 02, 09, 16, 2016
FICTITIOUS BUSINESS NAME STATEMENT File No. 2016-155240
The following person(s) is (are) doing business as: SOUTHERN CALIFORNIA FRIENDS CLUB, 4400 WALNUT AVE, LONG BEACH, CA 90807 Full name of registrant(s) is (are) JULIUS ZUNDMAN, 14972 HOPLAND ST, BELLFLOWER, CA 90706, MICHAEL AHN, 4400 WALNUT ST, LONG BEACH, CA 90807. This Business is conducted by: A GENERAL PARTNERSHIP. Signed: JULIUS ZUNDMAN This statement was filed with the County Clerk of Los Angeles County on 06/20/2016. The registrant(s) has (have) commenced to transact business under the fictitious business name or names listed above on N/A. NOTICE- This Fictitious Name Statement expires five years from the date it was filed in the office of the County Clerk. A new Fictitious Business Name Statement must be filed prior to that date. The filing of this statement does not of itself authorize the use in this state of a Fictitious Business Name in violation of the rights of another under Federal, State, or common law (See section 14411 et seq., Business and Professions Code)Publish: Mountain Views News Dates Pub: June 25, July 02, 09, 16, 2016
FICTITIOUS BUSINESS NAME STATEMENT File No. 2016-156076
The following person(s) is (are) doing business as: STORME GIRL PUBLISHING, 201 S SLOAN AVE, COMPTON, CA 90221 Full name of registrant(s) is (are) FELICIA ATKINS, 201 S SLOAN AVE, COMPTON, CA 90221. This Business is conducted by: AN INDIVIDUAL. Signed: FELICIA ATKINS This statement was filed with the County Clerk of Los Angeles County on 06/21/2016. The registrant(s) has (have) commenced to transact business under the fictitious business name or names listed above on N/A. NOTICE- This Fictitious Name Statement expires five years from the date it was filed in the office of the County Clerk. A new Fictitious Business Name Statement must be filed prior to that date. The filing of this statement does not of itself authorize the use in this state of a Fictitious Business Name in violation of the rights of another under Federal, State, or common law (See section 14411 et seq., Business and Professions Code)Publish: Mountain Views News Dates Pub: June 25, July 02, 09, 16, 2016
FICTITIOUS BUSINESS NAME STATEMENT File No. 2016-155801
The following person(s) is (are) doing business as: SUPER TIENDA GUATEMALA, 4918 CENTRAL AVE, L.A., CA 90011 Full name of registrant(s) is (are) NORMA YOLANDA QUINONEZ LOPEZ, 4918 CENTRAL AVE, L.A., CA 90011. This Business is conducted by: AN INDIVIDUAL. Signed: NORMA YOLANDA QUINONEZ LOPEZ This statement was filed with the County Clerk of Los Angeles County on 06/17/2016.
The following person(s) is (are) doing business as: TACOS GAVIA, 170 N HICKS AVE., L.A., CA 90063. This statement was filed with the County Clerk of Los Angeles County on 06/21/2016. Publish: Mountain Views News Dates Pub: June 25, July 02, 09, 16, 2016
FICTITIOUS BUSINESS NAME STATEMENT File No. 2016-157141
The following person(s) is (are) doing business as: THE MOTORS, 15855 EDNA PL STE 20, IRWINDALE, CA 91706 Full name of registrant(s) is (are) RUBEN MARTINEZ, 15855 EDNA PL STE 20, IRWINDALE, CA 91706. This Business is conducted by: AN INDIVIDUAL. Signed: RUBEN MARTINEZ This statement was filed with the County Clerk of Los Angeles County on 06/22/2016. The registrant(s) has (have) commenced to transact business under the fictitious business name or names listed above on N/A. NOTICE- This Fictitious Name Statement expires five years from the date it was filed in the office of the County Clerk. A new Fictitious Business Name Statement must be filed prior to that date. Publish: Mountain Views News Dates Pub: June 25, July 02, 09, 16, 2016
FICTITIOUS BUSINESS NAME STATEMENT File No. 2016-157067
The following person(s) is (are) doing business as: USING TERMITE, 3232 KNOXVILLE AVE, LONG BEACH, CA 90808 Full name of registrant(s) is (are) ESTELA AGUILAR, 3232 KNOXVILLE AVE, LONG BEACH, CA 90808. This Business is conducted by: AN INDIVIDUAL. Signed: ESTELA AGUILAR This statement was filed with the County Clerk of Los Angeles County on 06/22/2016. The registrant(s) has (have) commenced to transact business under the fictitious business name or names listed above on N/A. NOTICE- This Fictitious Name Statement expires five years from the date it was filed in the office of the County Clerk. Publish: Mountain Views News Dates Pub: June 25, July 02, 09, 16, 2016
FICTITIOUS BUSINESS NAME STATEMENT File No. 2016-155833
The following person(s) is (are) doing business as: VITE TRANSPORT, 8231 IRMA ST, PICO RIVERA, CA 90660 Mailing address: P.O. BOX 11175, L.A., CA 90011 Full name of registrant(s) is (are) ROCIO VITE, 8231 IRMA ST, PICO RIVERA, CA 90660. This Business is conducted by: AN INDIVIDUAL. Signed: ROCIO VITE This statement was filed with the County Clerk of Los Angeles County on 06/21/2016. The registrant(s) has (have) commenced to transact business under the fictitious business name or names listed above on N/A. Publish: Mountain Views News Dates Pub: June 25, July 02, 09, 16, 2016
FICTITIOUS BUSINESS NAME STATEMENT File No. 2016-154768
The following person(s) is (are) doing business as: WEST COAST CAR SERVICE'S, INDEPENDENT BROKER ESCROW, 4301 W OCEAN BLVD. #800, LONG BEACH, CA 90802 Full name of registrant(s) is (are) ALDO ALEJANDRO VALLEJO ALCOCER, 8254 FLEGRAMER APT 2, DOWNEY, CA 90241. This Business is conducted by: AN INDIVIDUAL. Signed: ALDO ALEJANDRO VALLEJO ALCOCER This statement was filed with the County Clerk of Los Angeles County on 06/20/2016. Publish: Mountain Views News Dates Pub: June 25, July 02, 09, 16, 2016
FICTITIOUS BUSINESS NAME STATEMENT File No. 2016-158343
The following person(s) is (are) doing business as: WINGSTOP #58, 2569 E FOOTHILL BLVD, LA VERNE, CA 91750 Full name of registrant(s) is (are) LUCAS LANE, CERRITOS, CA 90703. This Business is conducted by: A CORPORATION. Signed: KINJO RAMAN KOTHARI This statement was filed with the County Clerk of Los Angeles County on 06/23/2016. Publish: Mountain Views News Dates Pub: June 25, July 02, 09, 16, 2016
FICTITIOUS BUSINESS NAME STATEMENT File No. 2016-158240
The following person(s) is (are) doing business as: YAZNITOX HEALTH CENTER, DOWNEY, CA 90241 Full name of registrant(s) is (are) MOHAMMAD SHAROZE ABIDI, 8436 DOWNEY ST, DOWNEY, CA 90242. This Business is conducted by: AN INDIVIDUAL. Signed: MOHAMMAD SHAROZE ABIDI This statement was filed with the County Clerk of Los Angeles County on 06/24/2016. Publish: Mountain Views News Dates Pub: June 25, July 02, 09, 16, 2016
FICTITIOUS BUSINESS NAME STATEMENT File No. 2016-159694
The following person(s) is (are) doing business as: YES DEPT. LIMO, 2900 OREGON ST, ARTESIA, CA 91767 Full name of registrant(s) is (are) PAMELA DAVIS-BRITTMAN, 2807 ELLOTT #8, LAKEWOOD, CA 90715. This Business is conducted by: AN INDIVIDUAL. Signed: PAMELA DAVIS-BRITTMAN This statement was filed with the County Clerk of Los Angeles County on 06/24/2016. Publish: Mountain Views News Dates Pub: June 25, July 02, 09, 16, 2016
FILE NO. 2016-155703 STATEMENT OF ABANDONMENT OF USE OF FICTITIOUS BUSINESS NAME
The following person(s) has abandoned the use of the fictitious business name: ORANGE ST, LA HABRA, CA 90631. The fictitious business name referred to above was filed in the County of Los Angeles on 11/2015. Registrant: RAMIRO SOTO, 120 N ORANGE ST, LA HABRA, CA 90631. This business was conducted by AN INDIVIDUAL. This statement was filed with the County Clerk of Los Angeles County on 06/21/2016. Publish: Mountain Views News Dates Pub: June 25, July 02, 09, 16, 2016
FICTITIOUS BUSINESS NAME STATEMENT File No. 2016-155768
The following person(s) is (are) doing business as: ZAPATERIA ARTEAGA, 17890 PIONEER BLVD., ARTESIA, CA 90701 Full name of registrant(s) is (are) LIZETTE ARTEAGA, 17890 PIONEER BLVD., ARTESIA, CA 90701. This Business is conducted by: AN INDIVIDUAL. Signed: LIZETTE ARTEAGA This statement was filed with the County Clerk of Los Angeles County on 06/21/2016. Publish: Mountain Views News Dates Pub: June 18, 25, July 02, 09, 2016
FICTITIOUS BUSINESS NAME STATEMENT File No. 2016-153924
The following person(s) is (are) doing business as: A.E.S. LOGISTICS, 1411 CAMILOS ST., L.A., CA 90031 Full name of registrant(s) is (are) RICARDO AVILA-RAMIREZ, 1411 CAMILOS ST., L.A., CA 90031. This Business is conducted by: AN INDIVIDUAL. Signed: RICARDO AVILA-RAMIREZ This statement was filed with the County Clerk of Los Angeles County on 06/17/2016. Publish: Mountain Views News Dates Pub: June 18, 25, July 02, 09, 2016
CARTE, 631 LAUREL LN, MONROVIA, CA 91016. This statement was filed with the County Clerk of Los Angeles County on 06/14/2016. Publish: Mountain Views News Dates Pub: June 18, 25, July 02, 09, 2016
FICTITIOUS BUSINESS NAME STATEMENT File No. 2016-151660
The following person(s) is (are) doing business as: AC 4 LESS HEATING AND AIR CONDITIONING, 11 E LINDA VISTA AVE, ALHAMBRA, CA 91801 Full name of registrant(s) is (are) FREDDIE NAKAMURA, 11 E LINDA VISTA AVE, ALHAMBRA, CA 91801. This Business is conducted by: AN INDIVIDUAL. Signed: FREDDIE NAKAMURA This statement was filed with the County Clerk of Los Angeles County on 06/16/2016. Publish: Mountain Views News Dates Pub: June 18, 25, July 02, 09, 2016
FICTITIOUS BUSINESS NAME STATEMENT File No. 2016-147682
The following person(s) is (are) doing business as: AKS FLOORING, 619 N 7th ST UNIT E, MONTEBELLO, CA 90640 Full name of registrant(s) is (are) ALEJANDRO SALAZAR, 619 N 7th ST UNIT E, MONTEBELLO, CA 90640, MICHAEL SCOTT COOK, 451 W SEVENTH ST UNIT D, MONTEBELLO, CA 90640. This Business is conducted by: A GENERAL PARTNERSHIP. Signed: MICHAEL SCOTT COOK This statement was filed with the County Clerk of Los Angeles County on 06/13/2016. Publish: Mountain Views News Dates Pub: June 18, 25, July 02, 09, 2016
FICTITIOUS BUSINESS NAME STATEMENT File No. 2016-148393
The following person(s) is (are) doing business as: ALEXA GENESIS ELECTRONICS, 4425 LEFFINGWELL RD, WHITTIER, CA 90604 Full name of registrant(s) is (are) ANDRES DAZA, 16314 LEFFINGWELL RD, WHITTIER, CA 90603, ELIZABETH A DAZA, 16314 LEFFINGWELL RD, WHITTIER, CA 90603. This Business is conducted by: A MARRIED COUPLE. Signed: ELIZABETH A DAZA This statement was filed with the County Clerk of Los Angeles County on 06/13/2016. Publish: Mountain Views News Dates Pub: June 18, 25, July 02, 09, 2016
FICTITIOUS BUSINESS NAME STATEMENT File No. 2016-150963
The following person(s) is (are) doing business as: ANTHONY REFRIGERATION SERVICES, 1650 S HOOVER BLVD., L.A., CA 90006 Mailing address: P.O. BOX 1511, L.A., CA 90051 Full name of registrant(s) is (are) SAUL VIANA, 1311 MENLO AVE, L.A., CA 90006. This Business is conducted by: AN INDIVIDUAL. Signed: SAUL VIANA This statement was filed with the County Clerk of Los Angeles County on 06/16/2016. Publish: Mountain Views News Dates Pub: June 18, 25, July 02, 09, 2016
FICTITIOUS BUSINESS NAME STATEMENT File No. 2016-149829
The following person(s) is (are) doing business as: BONFIRE GRILLS, 935 VAN NESS WAY STE 10, TORRANCE, CA 90501 Full name of registrant(s) is (are) BEST PROTECTION STORE, 205 VAN NESS WAY STE 10, TORRANCE, CA 90501. This Business is conducted by: A CORPORATION. Signed: QINGYI ZENG This statement was filed with the County Clerk of Los Angeles County on 06/10/2016. Publish: Mountain Views News Dates Pub: June 18, 25, July 02, 09, 2016
FICTITIOUS BUSINESS NAME STATEMENT File No. 2016-152553
The following person(s) is (are) doing business as: CALI DOG POMAIDE, 6961 E 19th ST #B, LONG BEACH, CA 90804 Full name of registrant(s) is (are) JAYRO ANDINO, 6961 E 19th ST #B, LONG BEACH, CA 90804. This Business is conducted by: AN INDIVIDUAL. Signed: JAYRO SANDOVAL This statement was filed with the County Clerk of Los Angeles County on 06/16/2016. Publish: Mountain Views News Dates Pub: June 18, 25, July 02, 09, 2016
FICTITIOUS BUSINESS NAME STATEMENT File No. 2016-155679
The following person(s) is (are) doing business as: CITY TRES, 890 ATLANTIC AVE, SOUTH GATE, CA 90280 Full name of registrant(s) is (are) EDUARDO F DIAZ VALLE, 1221 CANDLEWOOD DR, FULLERTON, CA 92833. This Business is conducted by: AN INDIVIDUAL. Signed: EDUARDO F DIAZ VALLE This statement was filed with the County Clerk of Los Angeles County on 06/13/2016. Publish: Mountain Views News Dates Pub: June 18, 25, July 02, 09, 2016
FICTITIOUS BUSINESS NAME STATEMENT File No. 2016-148540
The following person(s) is (are) doing business as: DIAMOND BAR MONTESSORI ACADEMY, 23595 PALOMINO DR, DIAMOND BAR, CA 91765 Full name of registrant(s) is (are) ISSANNA SALINITHA GUNARADASA, 27712 ALAFLORA DR, RANCHO PALOS VERDES, CA 90275. This Business is conducted by: AN INDIVIDUAL. Signed: ISSANNA SALINITHA GUNARADASA This statement was filed with the County Clerk of Los Angeles County on 06/10/2016. Publish: Mountain Views News Dates Pub: June 18, 25, July 02, 09, 2016
FICTITIOUS BUSINESS NAME STATEMENT File No. 2016-151889
The following person(s) is (are) doing business as: DAMON GLOBAL, 6004 ROSEMEAD BLVD UNIT A, TEMPLE CITY, CA 91780 Full name of registrant(s) is (are) JEEVON CHOI, 6004 ROSEMEAD BLVD, TEMPLE CITY, CA 91780. This Business is conducted by: AN INDIVIDUAL. Signed: JEEVON CHOI This statement was filed with the County Clerk of Los Angeles County on 06/15/2016. Publish: Mountain Views News Dates Pub: June 18, 25, July 02, 09, 2016
FICTITIOUS BUSINESS NAME STATEMENT File No. 2016-142272
The following person(s) is (are) doing business as: DIVISIONES & R.A. VASTRERA CATEQUIMA, 1656 E 57th ST, L.A., CA 90003 Full name of registrant(s) is (are) SARA MARTINEZ COLOMBRES, 1656 E 57th ST, L.A., CA 90003. This Business is conducted by: AN INDIVIDUAL. Signed: SARA MARTINEZ COLOMBRES This statement was filed with the County Clerk of Los Angeles County on 06/06/2016.
Mountain Views News	80 W Sierra Madre Blvd. No. 327 Sierra Madre, Ca. 91024 Office: 626.355.2737 Fax: 626.609.3285
Email: editor@mtnviewsnews.com	Website: www.mtnviewsnews.com
